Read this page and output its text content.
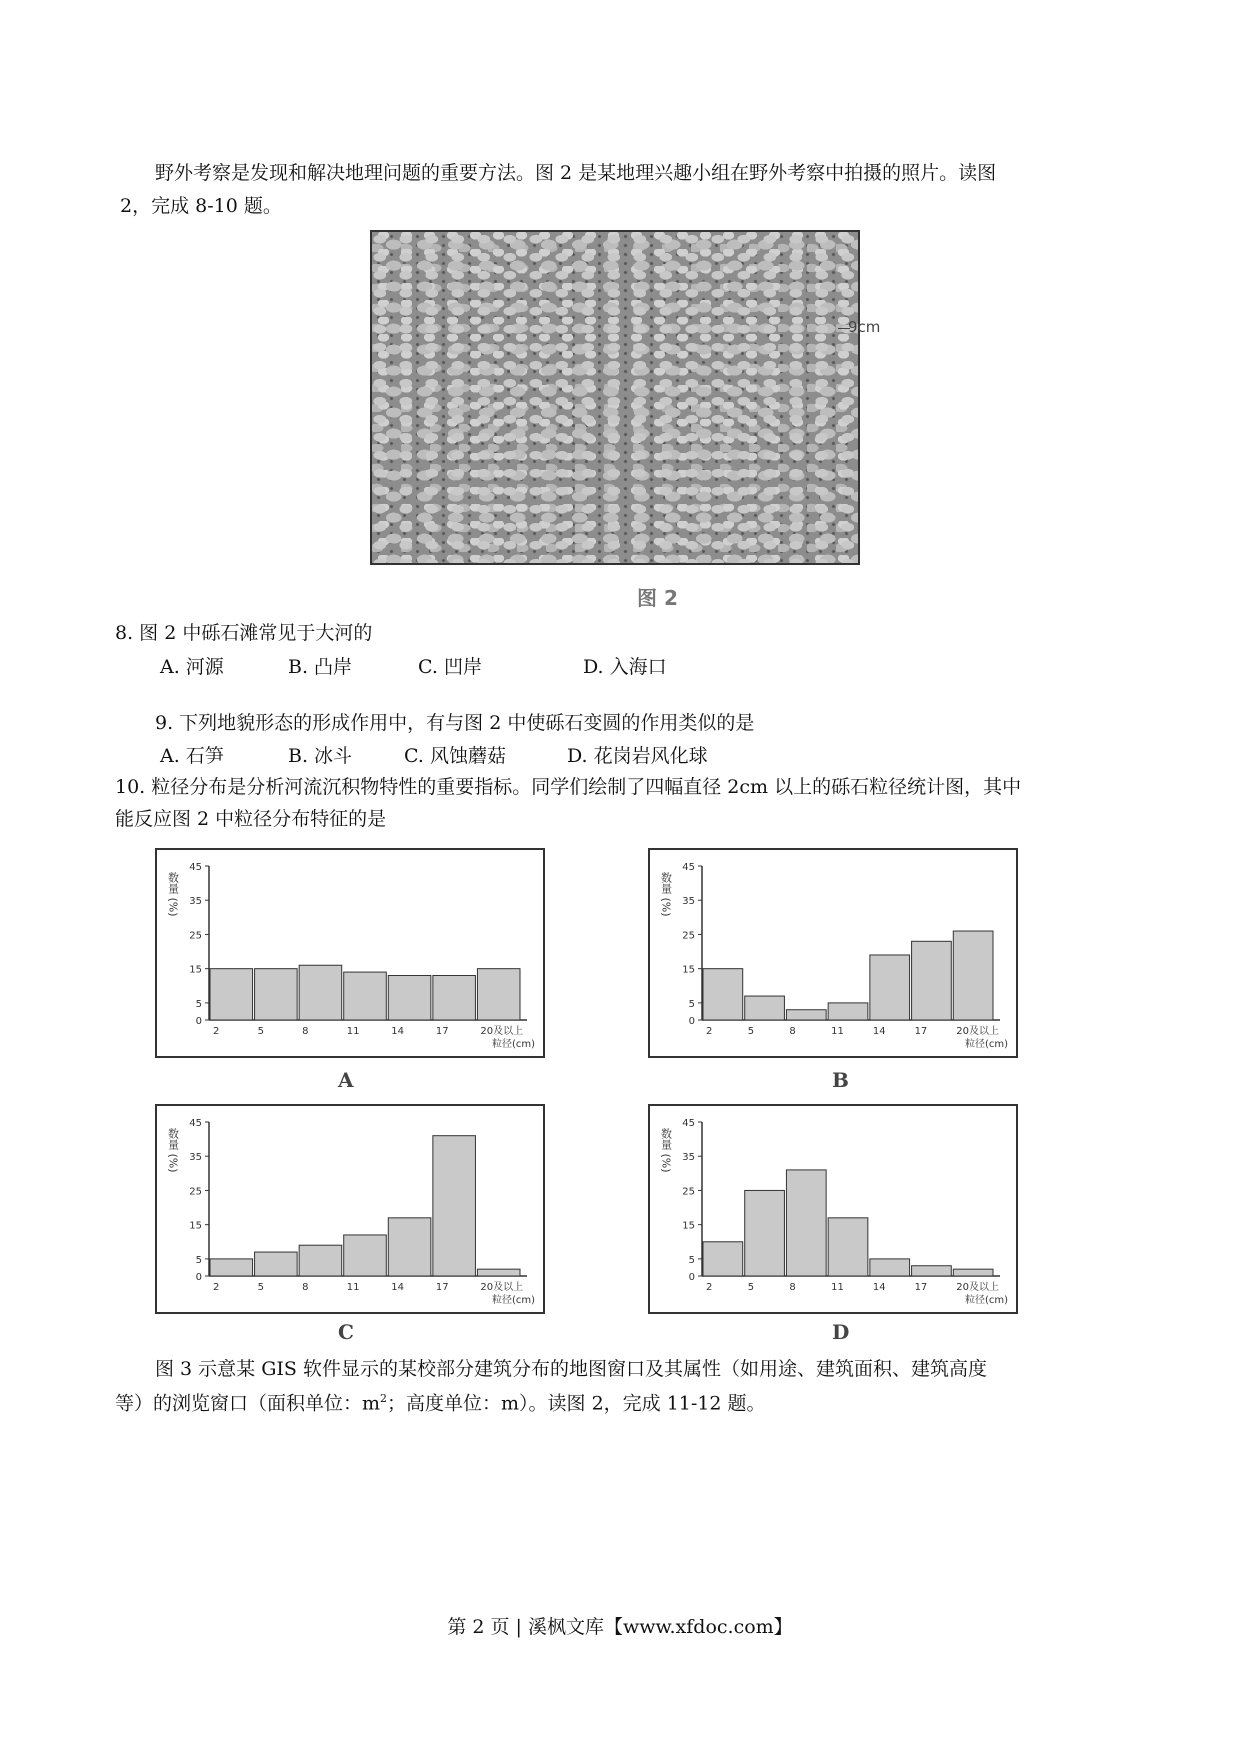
野外考察是发现和解决地理问题的重要方法。图 2 是某地理兴趣小组在野外考察中拍摄的照片。读图
2，完成 8-10 题。
9cm
图 2
8. 图 2 中砾石滩常见于大河的
A. 河源	B. 凸岸	C. 凹岸	D. 入海口
9. 下列地貌形态的形成作用中，有与图 2 中使砾石变圆的作用类似的是
A. 石笋	B. 冰斗	C. 风蚀蘑菇	D. 花岗岩风化球
10. 粒径分布是分析河流沉积物特性的重要指标。同学们绘制了四幅直径 2cm 以上的砾石粒径统计图，其中
能反应图 2 中粒径分布特征的是
数量 (%)
0
5
15
25
35
45
2	5	8	11	14	17	20及以上
粒径(cm)
A
数量 (%)
0
5
15
25
35
45
2	5	8	11	14	17	20及以上
粒径(cm)
B
数量 (%)
0
5
15
25
35
45
2	5	8	11	14	17	20及以上
粒径(cm)
C
数量 (%)
0
5
15
25
35
45
2	5	8	11	14	17	20及以上
粒径(cm)
D
图 3 示意某 GIS 软件显示的某校部分建筑分布的地图窗口及其属性（如用途、建筑面积、建筑高度
等）的浏览窗口（面积单位：$m^2$；高度单位：m）。读图 2，完成 11-12 题。
第 2 页 | 溪枫文库【www.xfdoc.com】
